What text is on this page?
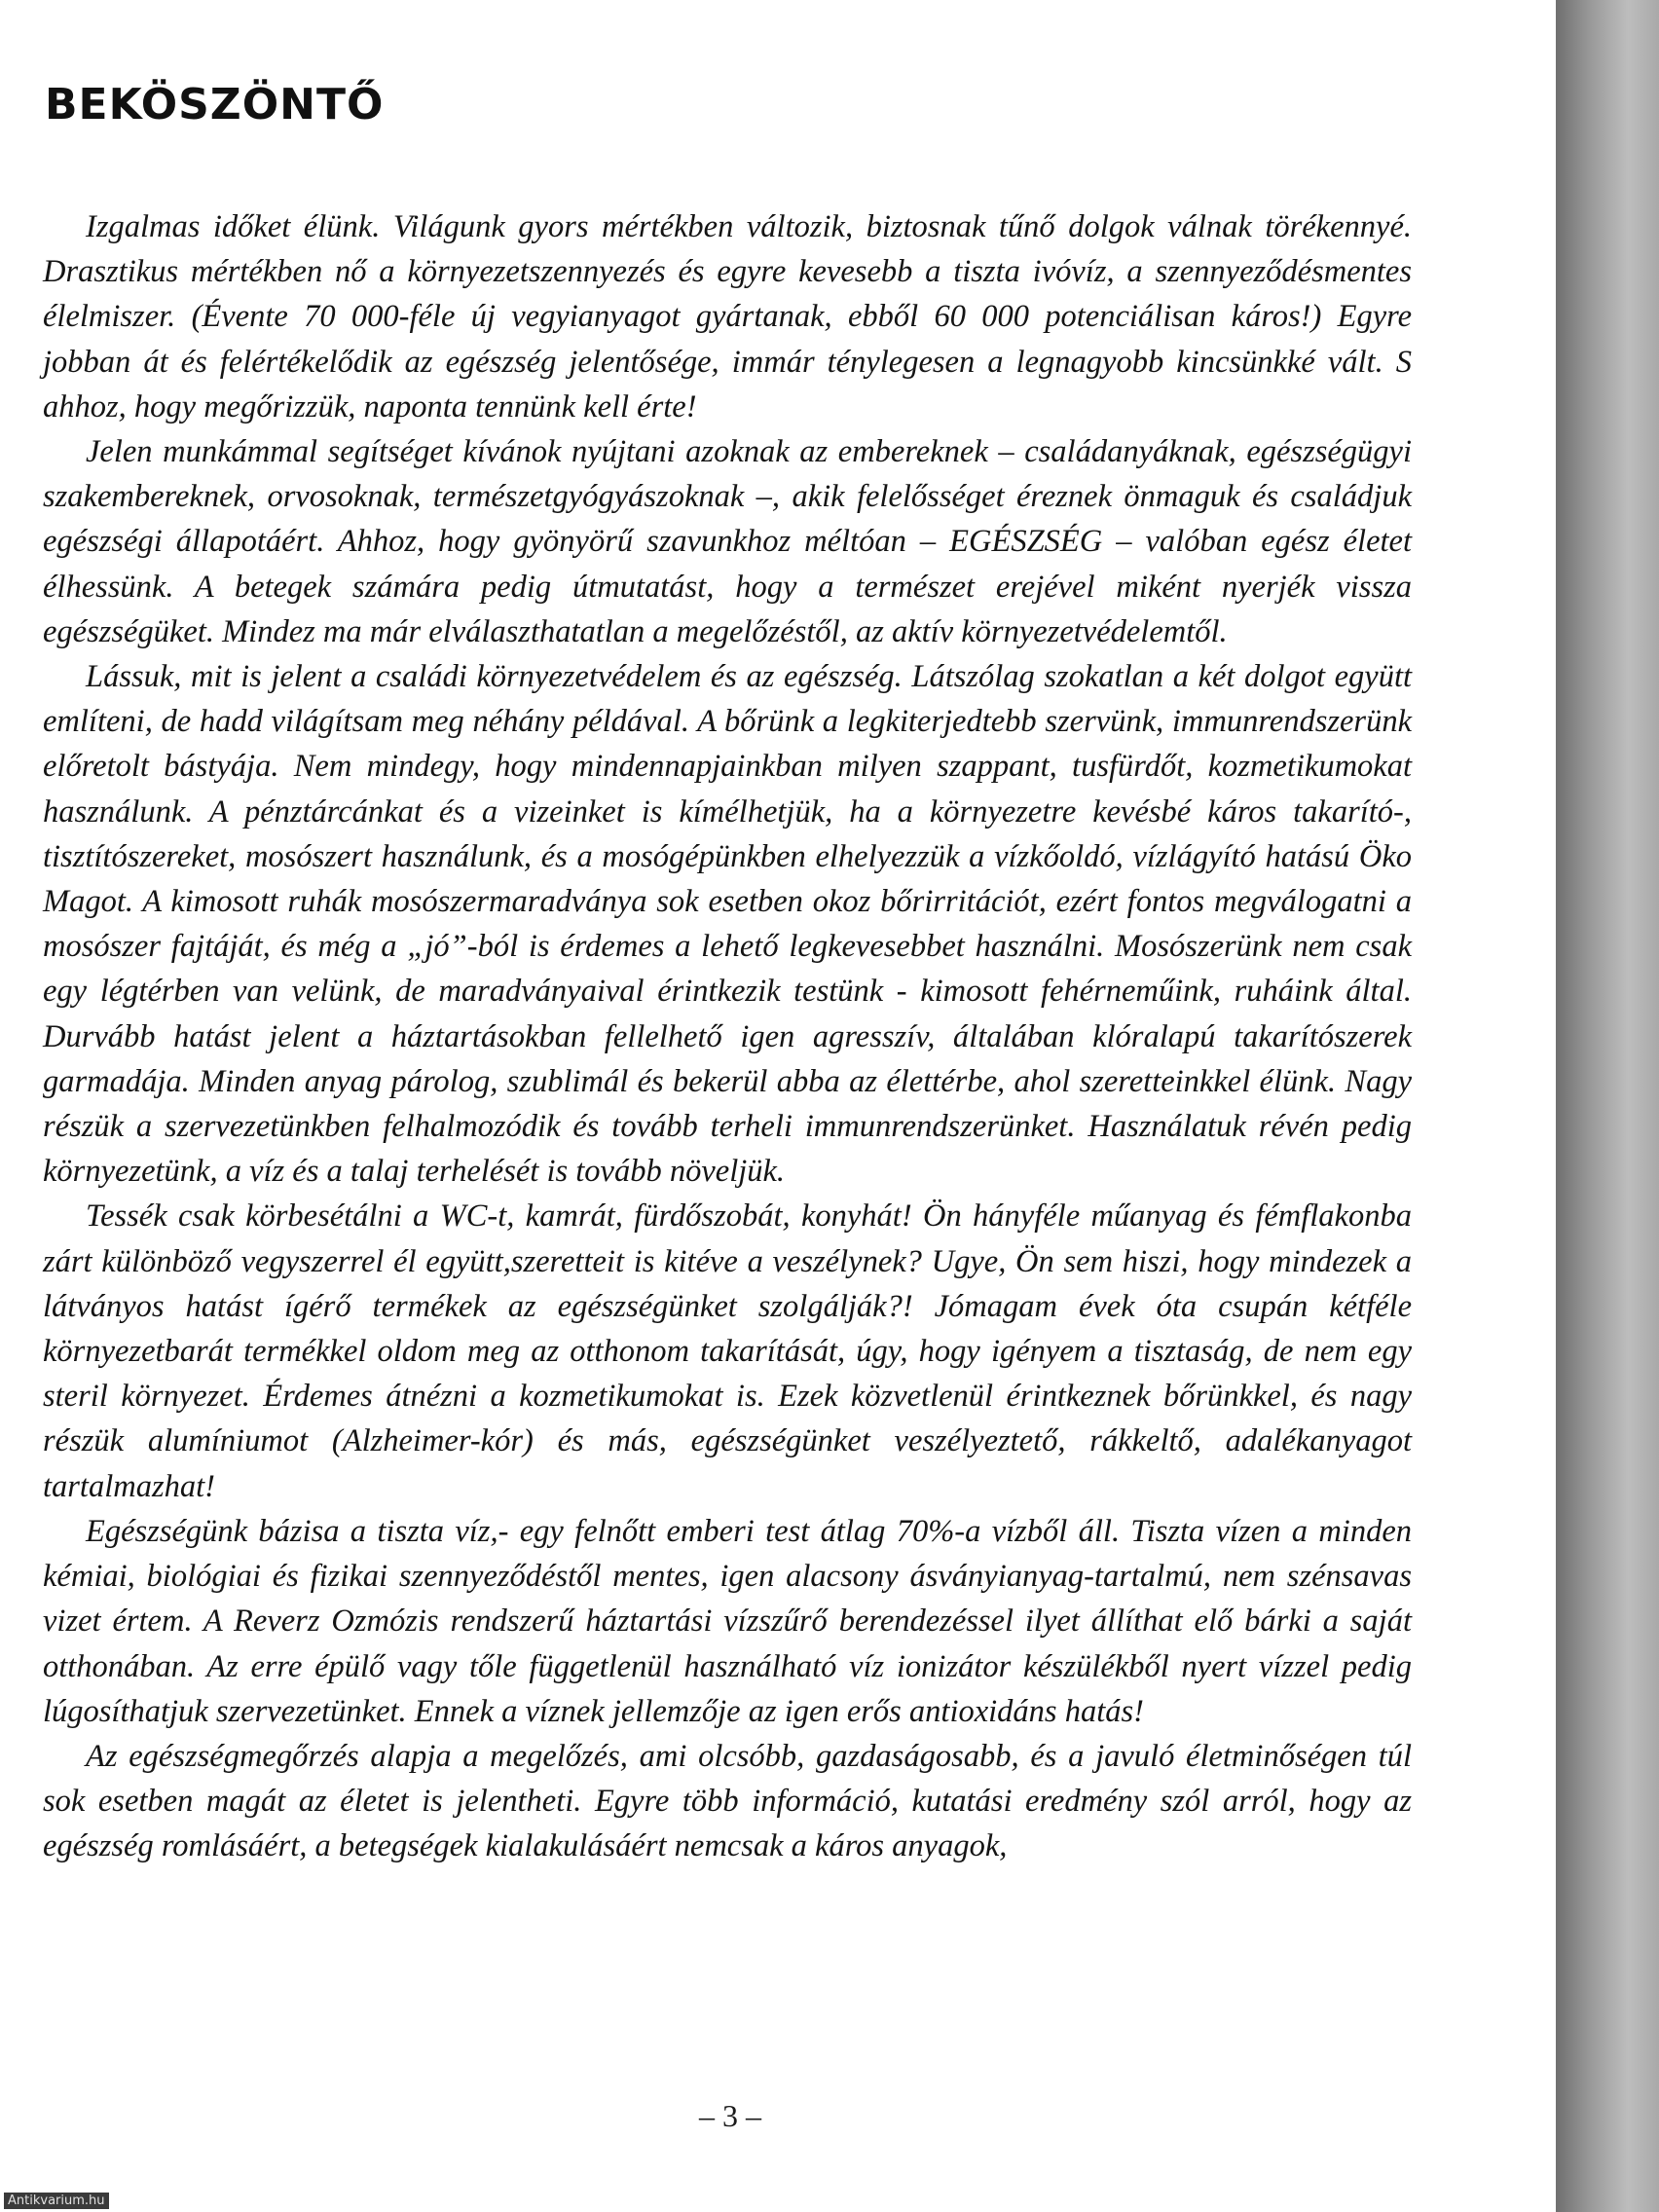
BEKÖSZÖNTŐ

Izgalmas időket élünk. Világunk gyors mértékben változik, biztosnak tűnő dolgok válnak törékennyé. Drasztikus mértékben nő a környezetszennyezés és egyre kevesebb a tiszta ivóvíz, a szennyeződésmentes élelmiszer. (Évente 70 000-féle új vegyianyagot gyártanak, ebből 60 000 potenciálisan káros!) Egyre jobban át és felértékelődik az egészség jelentősége, immár ténylegesen a legnagyobb kincsünkké vált. S ahhoz, hogy megőrizzük, naponta tennünk kell érte!

Jelen munkámmal segítséget kívánok nyújtani azoknak az embereknek – családanyáknak, egészségügyi szakembereknek, orvosoknak, természetgyógyászoknak –, akik felelősséget éreznek önmaguk és családjuk egészségi állapotáért. Ahhoz, hogy gyönyörű szavunkhoz méltóan – EGÉSZSÉG – valóban egész életet élhessünk. A betegek számára pedig útmutatást, hogy a természet erejével miként nyerjék vissza egészségüket. Mindez ma már elválaszthatatlan a megelőzéstől, az aktív környezetvédelemtől.

Lássuk, mit is jelent a családi környezetvédelem és az egészség. Látszólag szokatlan a két dolgot együtt említeni, de hadd világítsam meg néhány példával. A bőrünk a legkiterjedtebb szervünk, immunrendszerünk előretolt bástyája. Nem mindegy, hogy mindennapjainkban milyen szappant, tusfürdőt, kozmetikumokat használunk. A pénztárcánkat és a vizeinket is kímélhetjük, ha a környezetre kevésbé káros takarító-, tisztítószereket, mosószert használunk, és a mosógépünkben elhelyezzük a vízkőoldó, vízlágyító hatású Öko Magot. A kimosott ruhák mosószermaradványa sok esetben okoz bőrirritációt, ezért fontos megválogatni a mosószer fajtáját, és még a „jó”-ból is érdemes a lehető legkevesebbet használni. Mosószerünk nem csak egy légtérben van velünk, de maradványaival érintkezik testünk - kimosott fehérneműink, ruháink által. Durvább hatást jelent a háztartásokban fellelhető igen agresszív, általában klóralapú takarítószerek garmadája. Minden anyag párolog, szublimál és bekerül abba az élettérbe, ahol szeretteinkkel élünk. Nagy részük a szervezetünkben felhalmozódik és tovább terheli immunrendszerünket. Használatuk révén pedig környezetünk, a víz és a talaj terhelését is tovább növeljük.

Tessék csak körbesétálni a WC-t, kamrát, fürdőszobát, konyhát! Ön hányféle műanyag és fémflakonba zárt különböző vegyszerrel él együtt,szeretteit is kitéve a veszélynek? Ugye, Ön sem hiszi, hogy mindezek a látványos hatást ígérő termékek az egészségünket szolgálják?! Jómagam évek óta csupán kétféle környezetbarát termékkel oldom meg az otthonom takarítását, úgy, hogy igényem a tisztaság, de nem egy steril környezet. Érdemes átnézni a kozmetikumokat is. Ezek közvetlenül érintkeznek bőrünkkel, és nagy részük alumíniumot (Alzheimer-kór) és más, egészségünket veszélyeztető, rákkeltő, adalékanyagot tartalmazhat!

Egészségünk bázisa a tiszta víz,- egy felnőtt emberi test átlag 70%-a vízből áll. Tiszta vízen a minden kémiai, biológiai és fizikai szennyeződéstől mentes, igen alacsony ásványianyag-tartalmú, nem szénsavas vizet értem. A Reverz Ozmózis rendszerű háztartási vízszűrő berendezéssel ilyet állíthat elő bárki a saját otthonában. Az erre épülő vagy tőle függetlenül használható víz ionizátor készülékből nyert vízzel pedig lúgosíthatjuk szervezetünket. Ennek a víznek jellemzője az igen erős antioxidáns hatás!

Az egészségmegőrzés alapja a megelőzés, ami olcsóbb, gazdaságosabb, és a javuló életminőségen túl sok esetben magát az életet is jelentheti. Egyre több információ, kutatási eredmény szól arról, hogy az egészség romlásáért, a betegségek kialakulásáért nemcsak a káros anyagok,

– 3 –
Antikvarium.hu
